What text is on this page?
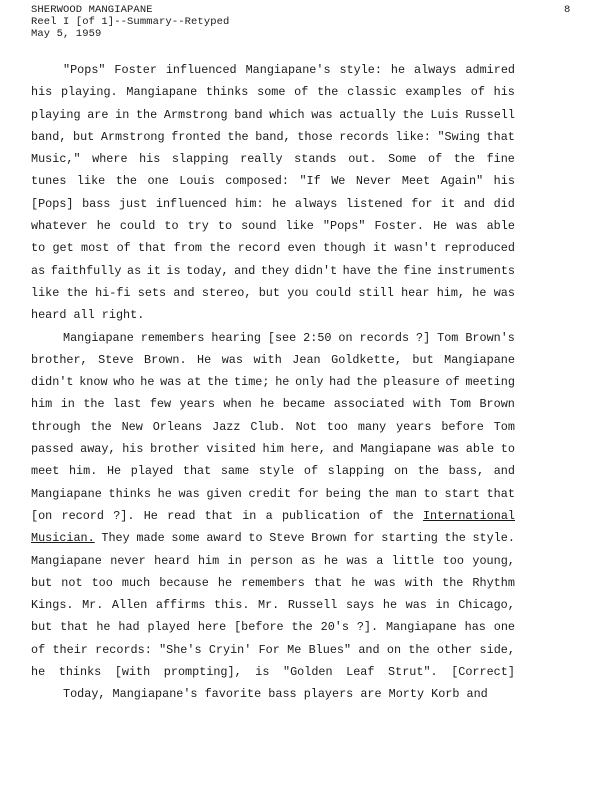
SHERWOOD MANGIAPANE
Reel I [of 1]--Summary--Retyped
May 5, 1959
8
"Pops" Foster influenced Mangiapane's style: he always admired
his playing. Mangiapane thinks some of the classic examples of his
playing are in the Armstrong band which was actually the Luis Russell
band, but Armstrong fronted the band, those records like: "Swing that
Music," where his slapping really stands out. Some of the fine
tunes like the one Louis composed: "If We Never Meet Again" his
[Pops] bass just influenced him: he always listened for it and did
whatever he could to try to sound like "Pops" Foster. He was able
to get most of that from the record even though it wasn't reproduced
as faithfully as it is today, and they didn't have the fine instruments
like the hi-fi sets and stereo, but you could still hear him, he was
heard all right.
Mangiapane remembers hearing [see 2:50 on records ?] Tom Brown's
brother, Steve Brown. He was with Jean Goldkette, but Mangiapane
didn't know who he was at the time; he only had the pleasure of meeting
him in the last few years when he became associated with Tom Brown
through the New Orleans Jazz Club. Not too many years before Tom
passed away, his brother visited him here, and Mangiapane was able to
meet him. He played that same style of slapping on the bass, and
Mangiapane thinks he was given credit for being the man to start that
[on record ?]. He read that in a publication of the International
Musician. They made some award to Steve Brown for starting the style.
Mangiapane never heard him in person as he was a little too young,
but not too much because he remembers that he was with the Rhythm
Kings. Mr. Allen affirms this. Mr. Russell says he was in Chicago,
but that he had played here [before the 20's ?]. Mangiapane has one
of their records: "She's Cryin' For Me Blues" and on the other side,
he thinks [with prompting], is "Golden Leaf Strut". [Correct]
Today, Mangiapane's favorite bass players are Morty Korb and
